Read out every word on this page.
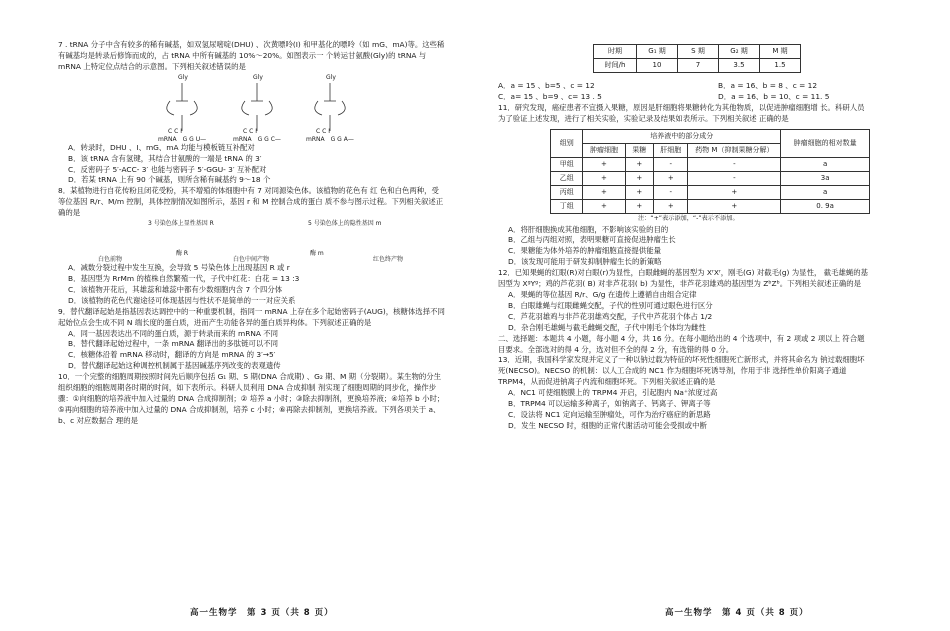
7 . tRNA 分子中含有较多的稀有碱基，如双氢尿嘧啶(DHU) 、次黄嘌呤(I) 和甲基化的嘌呤（如 mG、mA)等。这些稀有碱基均是转录后修饰而成的，占 tRNA 中所有碱基的 10%～20%。如图表示一 个转运甘氨酸(Gly)的 tRNA 与 mRNA 上特定位点结合的示意图。下列相关叙述错误的是

Gly	Gly	Gly
C C I	C C I	C C I
mRNA　G G U—	mRNA　G G C—	mRNA　G G A—

A．转录时，DHU 、I、mG、mA 均能与模板链互补配对

B．该 tRNA 含有氢键，其结合甘氨酸的一端是 tRNA 的 3′

C．反密码子 5′-ACC- 3′ 也能与密码子 5′-GGU- 3′ 互补配对

D．若某 tRNA 上有 90 个碱基，则所含稀有碱基约 9～18 个

8．某植物进行自花传粉且闭花受粉，其不增殖的体细胞中有 7 对同源染色体。该植物的花色有 红 色和白色两种，受等位基因 R/r、M/m 控制，具体控制情况如图所示，基因 r 和 M 控制合成的蛋白 质不参与图示过程。下列相关叙述正确的是

3 号染色体上显性基因 R	5 号染色体上的隐性基因 m
白色前物
酶 R
白色中间产物
酶 m
红色终产物

A．减数分裂过程中发生互换，会导致 5 号染色体上出现基因 R 或 r

B．基因型为 RrMm 的植株自然繁殖一代，子代中红花：白花 = 13 :3

C．该植物开花后，其雄蕊和雄蕊中都有少数细胞内含 7 个四分体

D．该植物的花色代谢途径可体现基因与性状不是简单的一一对应关系

9．替代翻译起始是指基因表达调控中的一种重要机制，指同一 mRNA 上存在多个起始密码子(AUG)，核糖体选择不同起始位点会生成不同 N 端长度的蛋白质，进而产生功能各异的蛋白质异构体。下列叙述正确的是

A．同一基因表达出不同的蛋白质，源于转录而来的 mRNA 不同

B．替代翻译起始过程中，一条 mRNA 翻译出的多肽链可以不同

C．核糖体沿着 mRNA 移动时，翻译的方向是 mRNA 的 3′→5′

D．替代翻译起始这种调控机制属于基因碱基序列改变的表观遗传

10．一个完整的细胞周期按照时间先后顺序包括 G₁ 期、S 期(DNA 合成期) 、G₂ 期、M 期（分裂期）。某生物的分生组织细胞的细胞周期各时期的时间，如下表所示。科研人员利用 DNA 合成抑制 剂实现了细胞周期的同步化，操作步骤：①向细胞的培养液中加入过量的 DNA 合成抑制剂；② 培养 a 小时；③除去抑制剂，更换培养液；④培养 b 小时；⑤再向细胞的培养液中加入过量的 DNA 合成抑制剂，培养 c 小时；⑥再除去抑制剂，更换培养液。下列各项关于 a、b、c 对应数据合 理的是

时期	G₁ 期	S 期	G₂ 期	M 期
时间/h	10	7	3.5	1.5
A．a = 15 、b=5 、c = 12	B．a = 16、b = 8 、c = 12
C．a= 15 、b=9 、c= 13 . 5	D．a = 16、b = 10、c = 11. 5

11．研究发现，癌症患者不宜摄入果糖，原因是肝细胞将果糖转化为其他物质，以促进肿瘤细胞增 长。科研人员为了验证上述发现，进行了相关实验，实验记录及结果如表所示。下列相关叙述 正确的是

组别	培养液中的部分成分				肿瘤细胞的相对数量
	肿瘤细胞	果糖	肝细胞	药物 M（抑制果糖分解）	
甲组	+	+	-	-	a
乙组	+	+	+	-	3a
丙组	+	+	-	+	a
丁组	+	+	+	+	0. 9a

注：“+”表示添加，“-”表示不添加。

A．将肝细胞换成其他细胞，不影响该实验的目的

B．乙组与丙组对照，表明果糖可直接促进肿瘤生长

C．果糖能为体外培养的肿瘤细胞直接提供能量

D．该发现可能用于研发抑制肿瘤生长的新策略

12．已知果蝇的红眼(R)对白眼(r)为显性，白眼雌蝇的基因型为 XʳXʳ，刚毛(G) 对截毛(g) 为显性， 截毛雄蝇的基因型为 XᵍYᵍ；鸡的芦花羽( B) 对非芦花羽( b) 为显性，非芦花羽雄鸡的基因型为 ZᵇZᵇ。下列相关叙述正确的是

A．果蝇的等位基因 R/r、G/g 在遗传上遵循自由组合定律

B．白眼雄蝇与红眼雌蝇交配，子代的性别可通过眼色进行区分

C．芦花羽雄鸡与非芦花羽雄鸡交配，子代中芦花羽个体占 1/2

D．杂合刚毛雄蝇与截毛雌蝇交配，子代中刚毛个体均为雌性

二、选择题：本题共 4 小题，每小题 4 分，共 16 分。在每小题给出的 4 个选项中，有 2 项或 2 项以上 符合题目要求。全部选对的得 4 分，选对但不全的得 2 分，有选错的得 0 分。

13．近期，我国科学家发现并定义了一种以钠过载为特征的坏死性细胞死亡新形式，并将其命名为 钠过载细胞坏死(NECSO)。NECSO 的机制：以人工合成的 NC1 作为细胞坏死诱导剂，作用于非 选择性单价阳离子通道 TRPM4，从而促进钠离子内流和细胞坏死。下列相关叙述正确的是

A．NC1 可使细胞膜上的 TRPM4 开启，引起胞内 Na⁺浓度过高

B．TRPM4 可以运输多种离子，如钠离子、钙离子、钾离子等

C．设法将 NC1 定向运输至肿瘤处，可作为治疗癌症的新思路

D．发生 NECSO 时，细胞的正常代谢活动可能会受损或中断

高一生物学　第 3 页（共 8 页）	高一生物学　第 4 页（共 8 页）
